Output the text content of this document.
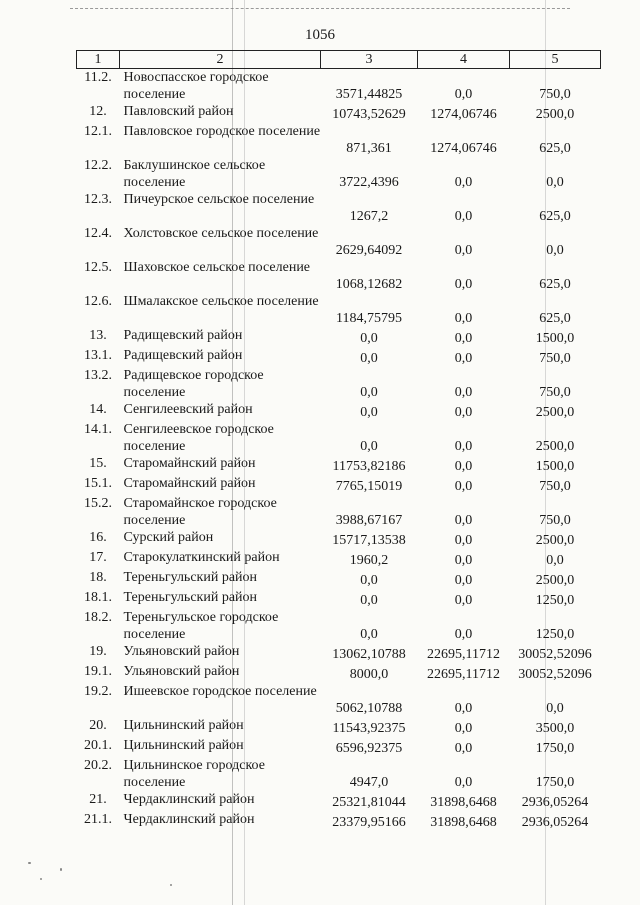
1056
1	2	3	4	5
11.2.	Новоспасское городское поселение	3571,44825	0,0	750,0
12.	Павловский район	10743,52629	1274,06746	2500,0
12.1.	Павловское городское поселение	871,361	1274,06746	625,0
12.2.	Баклушинское сельское поселение	3722,4396	0,0	0,0
12.3.	Пичеурское сельское поселение	1267,2	0,0	625,0
12.4.	Холстовское сельское поселение	2629,64092	0,0	0,0
12.5.	Шаховское сельское поселение	1068,12682	0,0	625,0
12.6.	Шмалакское сельское поселение	1184,75795	0,0	625,0
13.	Радищевский район	0,0	0,0	1500,0
13.1.	Радищевский район	0,0	0,0	750,0
13.2.	Радищевское городское поселение	0,0	0,0	750,0
14.	Сенгилеевский район	0,0	0,0	2500,0
14.1.	Сенгилеевское городское поселение	0,0	0,0	2500,0
15.	Старомайнский район	11753,82186	0,0	1500,0
15.1.	Старомайнский район	7765,15019	0,0	750,0
15.2.	Старомайнское городское поселение	3988,67167	0,0	750,0
16.	Сурский район	15717,13538	0,0	2500,0
17.	Старокулаткинский район	1960,2	0,0	0,0
18.	Тереньгульский район	0,0	0,0	2500,0
18.1.	Тереньгульский район	0,0	0,0	1250,0
18.2.	Тереньгульское городское поселение	0,0	0,0	1250,0
19.	Ульяновский район	13062,10788	22695,11712	30052,52096
19.1.	Ульяновский район	8000,0	22695,11712	30052,52096
19.2.	Ишеевское городское поселение	5062,10788	0,0	0,0
20.	Цильнинский район	11543,92375	0,0	3500,0
20.1.	Цильнинский район	6596,92375	0,0	1750,0
20.2.	Цильнинское городское поселение	4947,0	0,0	1750,0
21.	Чердаклинский район	25321,81044	31898,6468	2936,05264
21.1.	Чердаклинский район	23379,95166	31898,6468	2936,05264
